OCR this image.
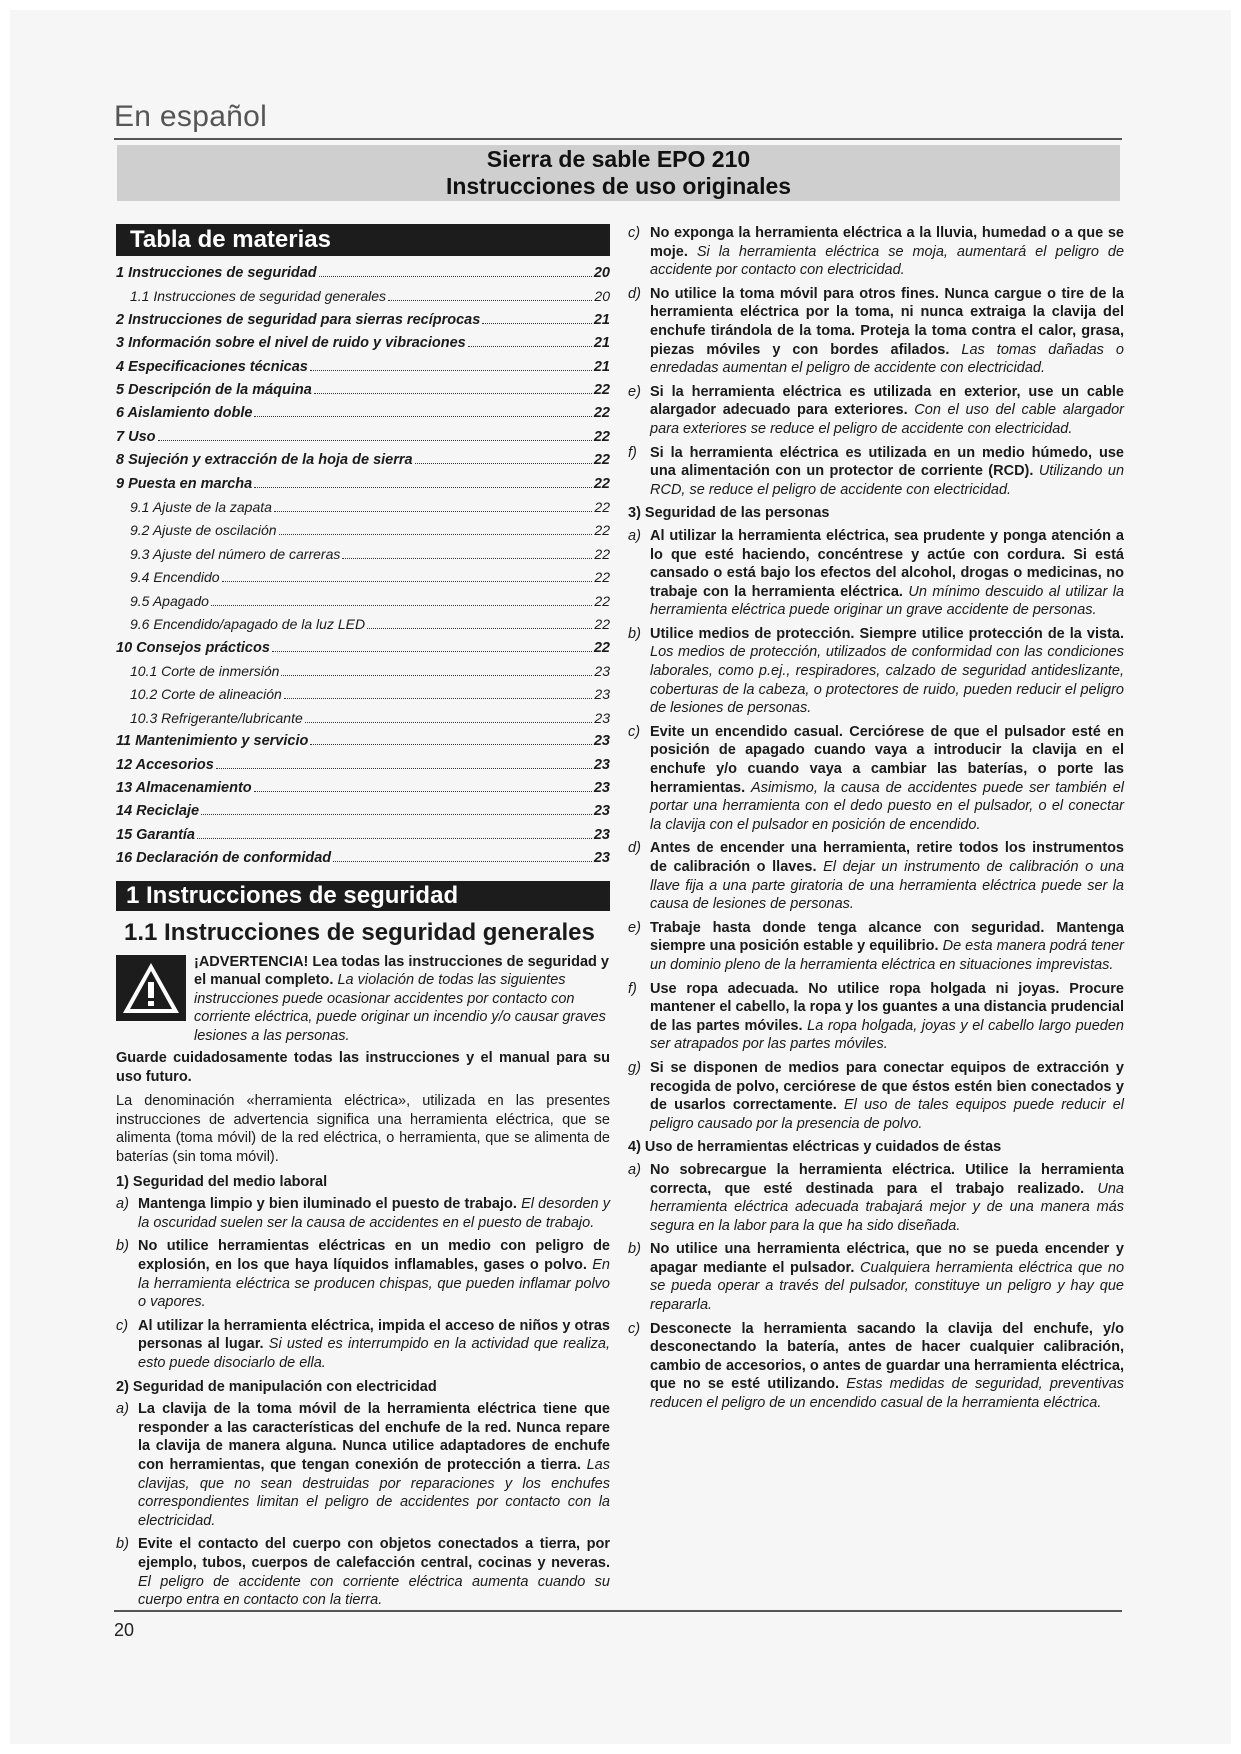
En español
Sierra de sable EPO 210
Instrucciones de uso originales
Tabla de materias
1 Instrucciones de seguridad	20
1.1 Instrucciones de seguridad generales	20
2 Instrucciones de seguridad para sierras recíprocas	21
3 Información sobre el nivel de ruido y vibraciones	21
4 Especificaciones técnicas	21
5 Descripción de la máquina	22
6 Aislamiento doble	22
7 Uso	22
8 Sujeción y extracción de la hoja de sierra	22
9 Puesta en marcha	22
9.1 Ajuste de la zapata	22
9.2 Ajuste de oscilación	22
9.3 Ajuste del número de carreras	22
9.4 Encendido	22
9.5 Apagado	22
9.6 Encendido/apagado de la luz LED	22
10 Consejos prácticos	22
10.1 Corte de inmersión	23
10.2 Corte de alineación	23
10.3 Refrigerante/lubricante	23
11 Mantenimiento y servicio	23
12 Accesorios	23
13 Almacenamiento	23
14 Reciclaje	23
15 Garantía	23
16 Declaración de conformidad	23
1 Instrucciones de seguridad
1.1 Instrucciones de seguridad generales
¡ADVERTENCIA! Lea todas las instrucciones de seguridad y el manual completo. La violación de todas las siguientes instrucciones puede ocasionar accidentes por contacto con corriente eléctrica, puede originar un incendio y/o causar graves lesiones a las personas.

Guarde cuidadosamente todas las instrucciones y el manual para su uso futuro.

La denominación «herramienta eléctrica», utilizada en las presentes instrucciones de advertencia significa una herramienta eléctrica, que se alimenta (toma móvil) de la red eléctrica, o herramienta, que se alimenta de baterías (sin toma móvil).

1) Seguridad del medio laboral
a) Mantenga limpio y bien iluminado el puesto de trabajo. El desorden y la oscuridad suelen ser la causa de accidentes en el puesto de trabajo.
b) No utilice herramientas eléctricas en un medio con peligro de explosión, en los que haya líquidos inflamables, gases o polvo. En la herramienta eléctrica se producen chispas, que pueden inflamar polvo o vapores.
c) Al utilizar la herramienta eléctrica, impida el acceso de niños y otras personas al lugar. Si usted es interrumpido en la actividad que realiza, esto puede disociarlo de ella.
2) Seguridad de manipulación con electricidad
a) La clavija de la toma móvil de la herramienta eléctrica tiene que responder a las características del enchufe de la red. Nunca repare la clavija de manera alguna. Nunca utilice adaptadores de enchufe con herramientas, que tengan conexión de protección a tierra. Las clavijas, que no sean destruidas por reparaciones y los enchufes correspondientes limitan el peligro de accidentes por contacto con la electricidad.
b) Evite el contacto del cuerpo con objetos conectados a tierra, por ejemplo, tubos, cuerpos de calefacción central, cocinas y neveras. El peligro de accidente con corriente eléctrica aumenta cuando su cuerpo entra en contacto con la tierra.
c) No exponga la herramienta eléctrica a la lluvia, humedad o a que se moje. Si la herramienta eléctrica se moja, aumentará el peligro de accidente por contacto con electricidad.
d) No utilice la toma móvil para otros fines. Nunca cargue o tire de la herramienta eléctrica por la toma, ni nunca extraiga la clavija del enchufe tirándola de la toma. Proteja la toma contra el calor, grasa, piezas móviles y con bordes afilados. Las tomas dañadas o enredadas aumentan el peligro de accidente con electricidad.
e) Si la herramienta eléctrica es utilizada en exterior, use un cable alargador adecuado para exteriores. Con el uso del cable alargador para exteriores se reduce el peligro de accidente con electricidad.
f) Si la herramienta eléctrica es utilizada en un medio húmedo, use una alimentación con un protector de corriente (RCD). Utilizando un RCD, se reduce el peligro de accidente con electricidad.
3) Seguridad de las personas
a) Al utilizar la herramienta eléctrica, sea prudente y ponga atención a lo que esté haciendo, concéntrese y actúe con cordura. Si está cansado o está bajo los efectos del alcohol, drogas o medicinas, no trabaje con la herramienta eléctrica. Un mínimo descuido al utilizar la herramienta eléctrica puede originar un grave accidente de personas.
b) Utilice medios de protección. Siempre utilice protección de la vista. Los medios de protección, utilizados de conformidad con las condiciones laborales, como p.ej., respiradores, calzado de seguridad antideslizante, coberturas de la cabeza, o protectores de ruido, pueden reducir el peligro de lesiones de personas.
c) Evite un encendido casual. Cerciórese de que el pulsador esté en posición de apagado cuando vaya a introducir la clavija en el enchufe y/o cuando vaya a cambiar las baterías, o porte las herramientas. Asimismo, la causa de accidentes puede ser también el portar una herramienta con el dedo puesto en el pulsador, o el conectar la clavija con el pulsador en posición de encendido.
d) Antes de encender una herramienta, retire todos los instrumentos de calibración o llaves. El dejar un instrumento de calibración o una llave fija a una parte giratoria de una herramienta eléctrica puede ser la causa de lesiones de personas.
e) Trabaje hasta donde tenga alcance con seguridad. Mantenga siempre una posición estable y equilibrio. De esta manera podrá tener un dominio pleno de la herramienta eléctrica en situaciones imprevistas.
f) Use ropa adecuada. No utilice ropa holgada ni joyas. Procure mantener el cabello, la ropa y los guantes a una distancia prudencial de las partes móviles. La ropa holgada, joyas y el cabello largo pueden ser atrapados por las partes móviles.
g) Si se disponen de medios para conectar equipos de extracción y recogida de polvo, cerciórese de que éstos estén bien conectados y de usarlos correctamente. El uso de tales equipos puede reducir el peligro causado por la presencia de polvo.
4) Uso de herramientas eléctricas y cuidados de éstas
a) No sobrecargue la herramienta eléctrica. Utilice la herramienta correcta, que esté destinada para el trabajo realizado. Una herramienta eléctrica adecuada trabajará mejor y de una manera más segura en la labor para la que ha sido diseñada.
b) No utilice una herramienta eléctrica, que no se pueda encender y apagar mediante el pulsador. Cualquiera herramienta eléctrica que no se pueda operar a través del pulsador, constituye un peligro y hay que repararla.
c) Desconecte la herramienta sacando la clavija del enchufe, y/o desconectando la batería, antes de hacer cualquier calibración, cambio de accesorios, o antes de guardar una herramienta eléctrica, que no se esté utilizando. Estas medidas de seguridad, preventivas reducen el peligro de un encendido casual de la herramienta eléctrica.
20
